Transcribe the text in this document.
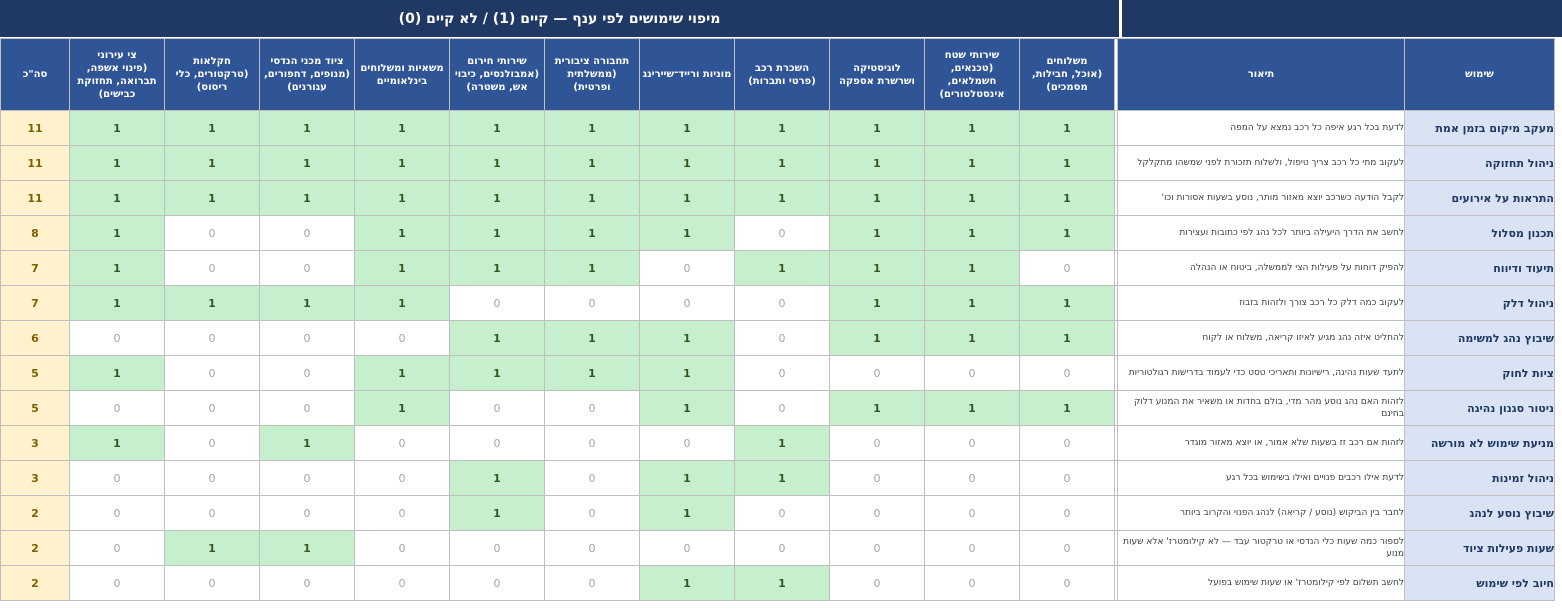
מיפוי שימושים לפי ענף — קיים (1) / לא קיים (0)
סה"כ	צי עירוני
(פינוי אשפה,
תברואה, תחזוקת
כבישים)	חקלאות
(טרקטורים, כלי
ריסוס)	ציוד מכני הנדסי
(מנופים, דחפורים,
עגורנים)	משאיות ומשלוחים
בינלאומיים	שירותי חירום
(אמבולנסים, כיבוי
אש, משטרה)	תחבורה ציבורית
(ממשלתית
ופרטית)	מוניות ורייד־שיירינג	השכרת רכב
(פרטי ותברות)	לוגיסטיקה
ושרשרת אספקה	שירותי שטח
(טכנאים,
חשמלאים,
אינסטלטורים)	משלוחים
(אוכל, חבילות,
מסמכים)		תיאור	שימוש
11	1	1	1	1	1	1	1	1	1	1	1		לדעת בכל רגע איפה כל רכב נמצא על המפה	מעקב מיקום בזמן אמת
11	1	1	1	1	1	1	1	1	1	1	1		לעקוב מתי כל רכב צריך טיפול, ולשלוח תזכורת לפני שמשהו מתקלקל	ניהול תחזוקה
11	1	1	1	1	1	1	1	1	1	1	1		לקבל הודעה כשרכב יוצא מאזור מותר, נוסע בשעות אסורות וכו'	התראות על אירועים
8	1	0	0	1	1	1	1	0	1	1	1		לחשב את הדרך היעילה ביותר לכל נהג לפי כתובות ועצירות	תכנון מסלול
7	1	0	0	1	1	1	0	1	1	1	0		להפיק דוחות על פעילות הצי לממשלה, ביטוח או הנהלה	תיעוד ודיווח
7	1	1	1	1	0	0	0	0	1	1	1		לעקוב כמה דלק כל רכב צורך ולזהות בזבוז	ניהול דלק
6	0	0	0	0	1	1	1	0	1	1	1		להחליט איזה נהג מגיע לאיזו קריאה, משלוח או לקוח	שיבוץ נהג למשימה
5	1	0	0	1	1	1	1	0	0	0	0		לתעד שעות נהיגה, רישיונות ותאריכי טסט כדי לעמוד בדרישות רגולטוריות	ציות לחוק
5	0	0	0	1	0	0	1	0	1	1	1		לזהות האם נהג נוסע מהר מדי, בולם בחדות או משאיר את המנוע דלוק בחינם	ניטור סגנון נהיגה
3	1	0	1	0	0	0	0	1	0	0	0		לזהות אם רכב זז בשעות שלא אמור, או יוצא מאזור מוגדר	מניעת שימוש לא מורשה
3	0	0	0	0	1	0	1	1	0	0	0		לדעת אילו רכבים פנויים ואילו בשימוש בכל רגע	ניהול זמינות
2	0	0	0	0	1	0	1	0	0	0	0		לחבר בין הביקוש (נוסע / קריאה) לנהג הפנוי והקרוב ביותר	שיבוץ נוסע לנהג
2	0	1	1	0	0	0	0	0	0	0	0		לספור כמה שעות כלי הנדסי או טרקטור עבד — לא קילומטרז' אלא שעות מנוע	שעות פעילות ציוד
2	0	0	0	0	0	0	1	1	0	0	0		לחשב תשלום לפי קילומטרז' או שעות שימוש בפועל	חיוב לפי שימוש
